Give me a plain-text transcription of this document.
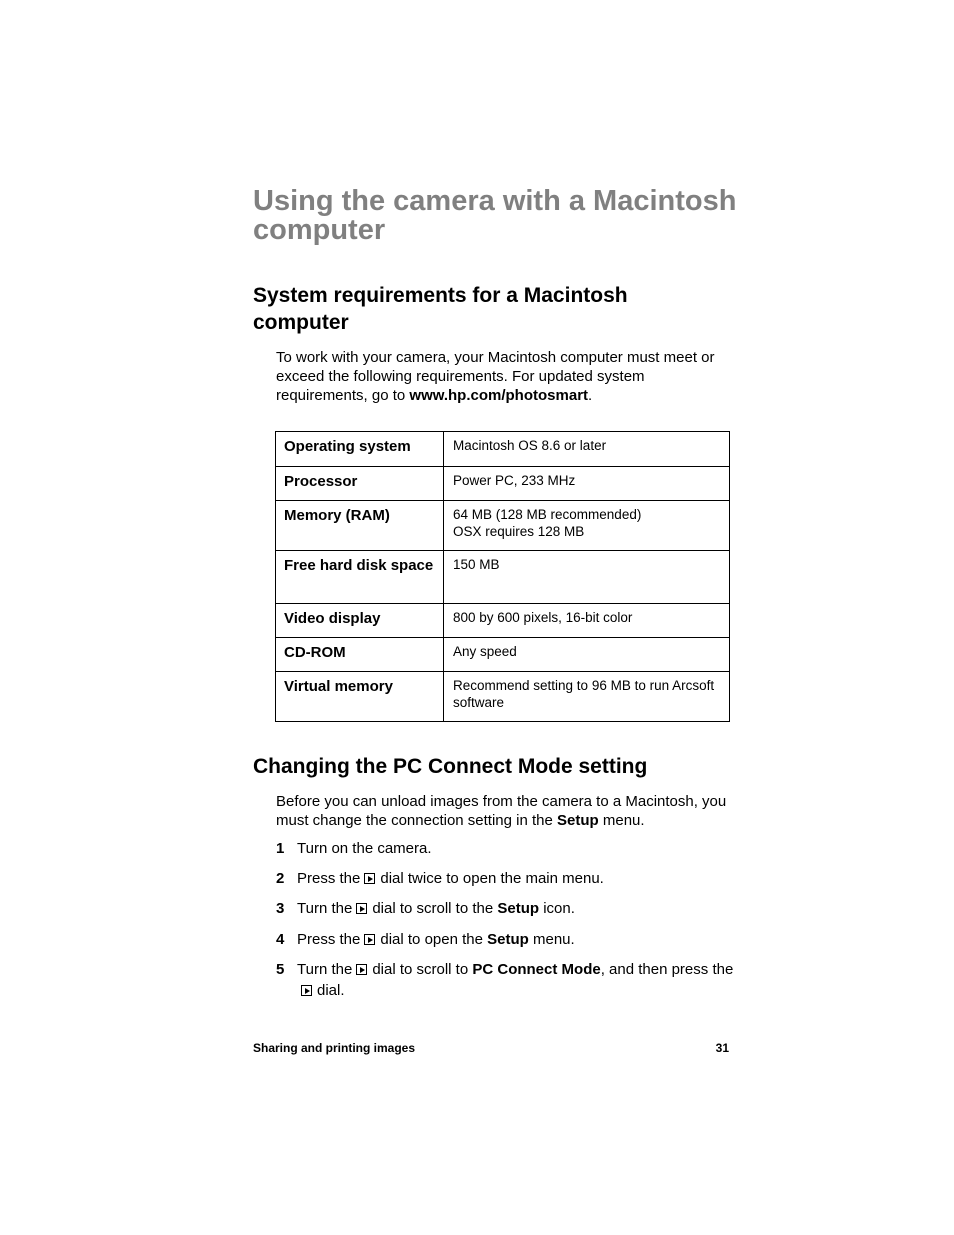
Using the camera with a Macintosh computer
System requirements for a Macintosh computer

To work with your camera, your Macintosh computer must meet or exceed the following requirements. For updated system requirements, go to www.hp.com/photosmart.

Operating system	Macintosh OS 8.6 or later

Processor	Power PC, 233 MHz

Memory (RAM)	64 MB (128 MB recommended)
OSX requires 128 MB

Free hard disk space	150 MB

Video display	800 by 600 pixels, 16-bit color

CD-ROM	Any speed

Virtual memory	Recommend setting to 96 MB to run Arcsoft software
Changing the PC Connect Mode setting

Before you can unload images from the camera to a Macintosh, you must change the connection setting in the Setup menu.

1 Turn on the camera.
2 Press the dial twice to open the main menu.
3 Turn the dial to scroll to the Setup icon.
4 Press the dial to open the Setup menu.
5 Turn the dial to scroll to PC Connect Mode, and then press thedial.
Sharing and printing images	31
